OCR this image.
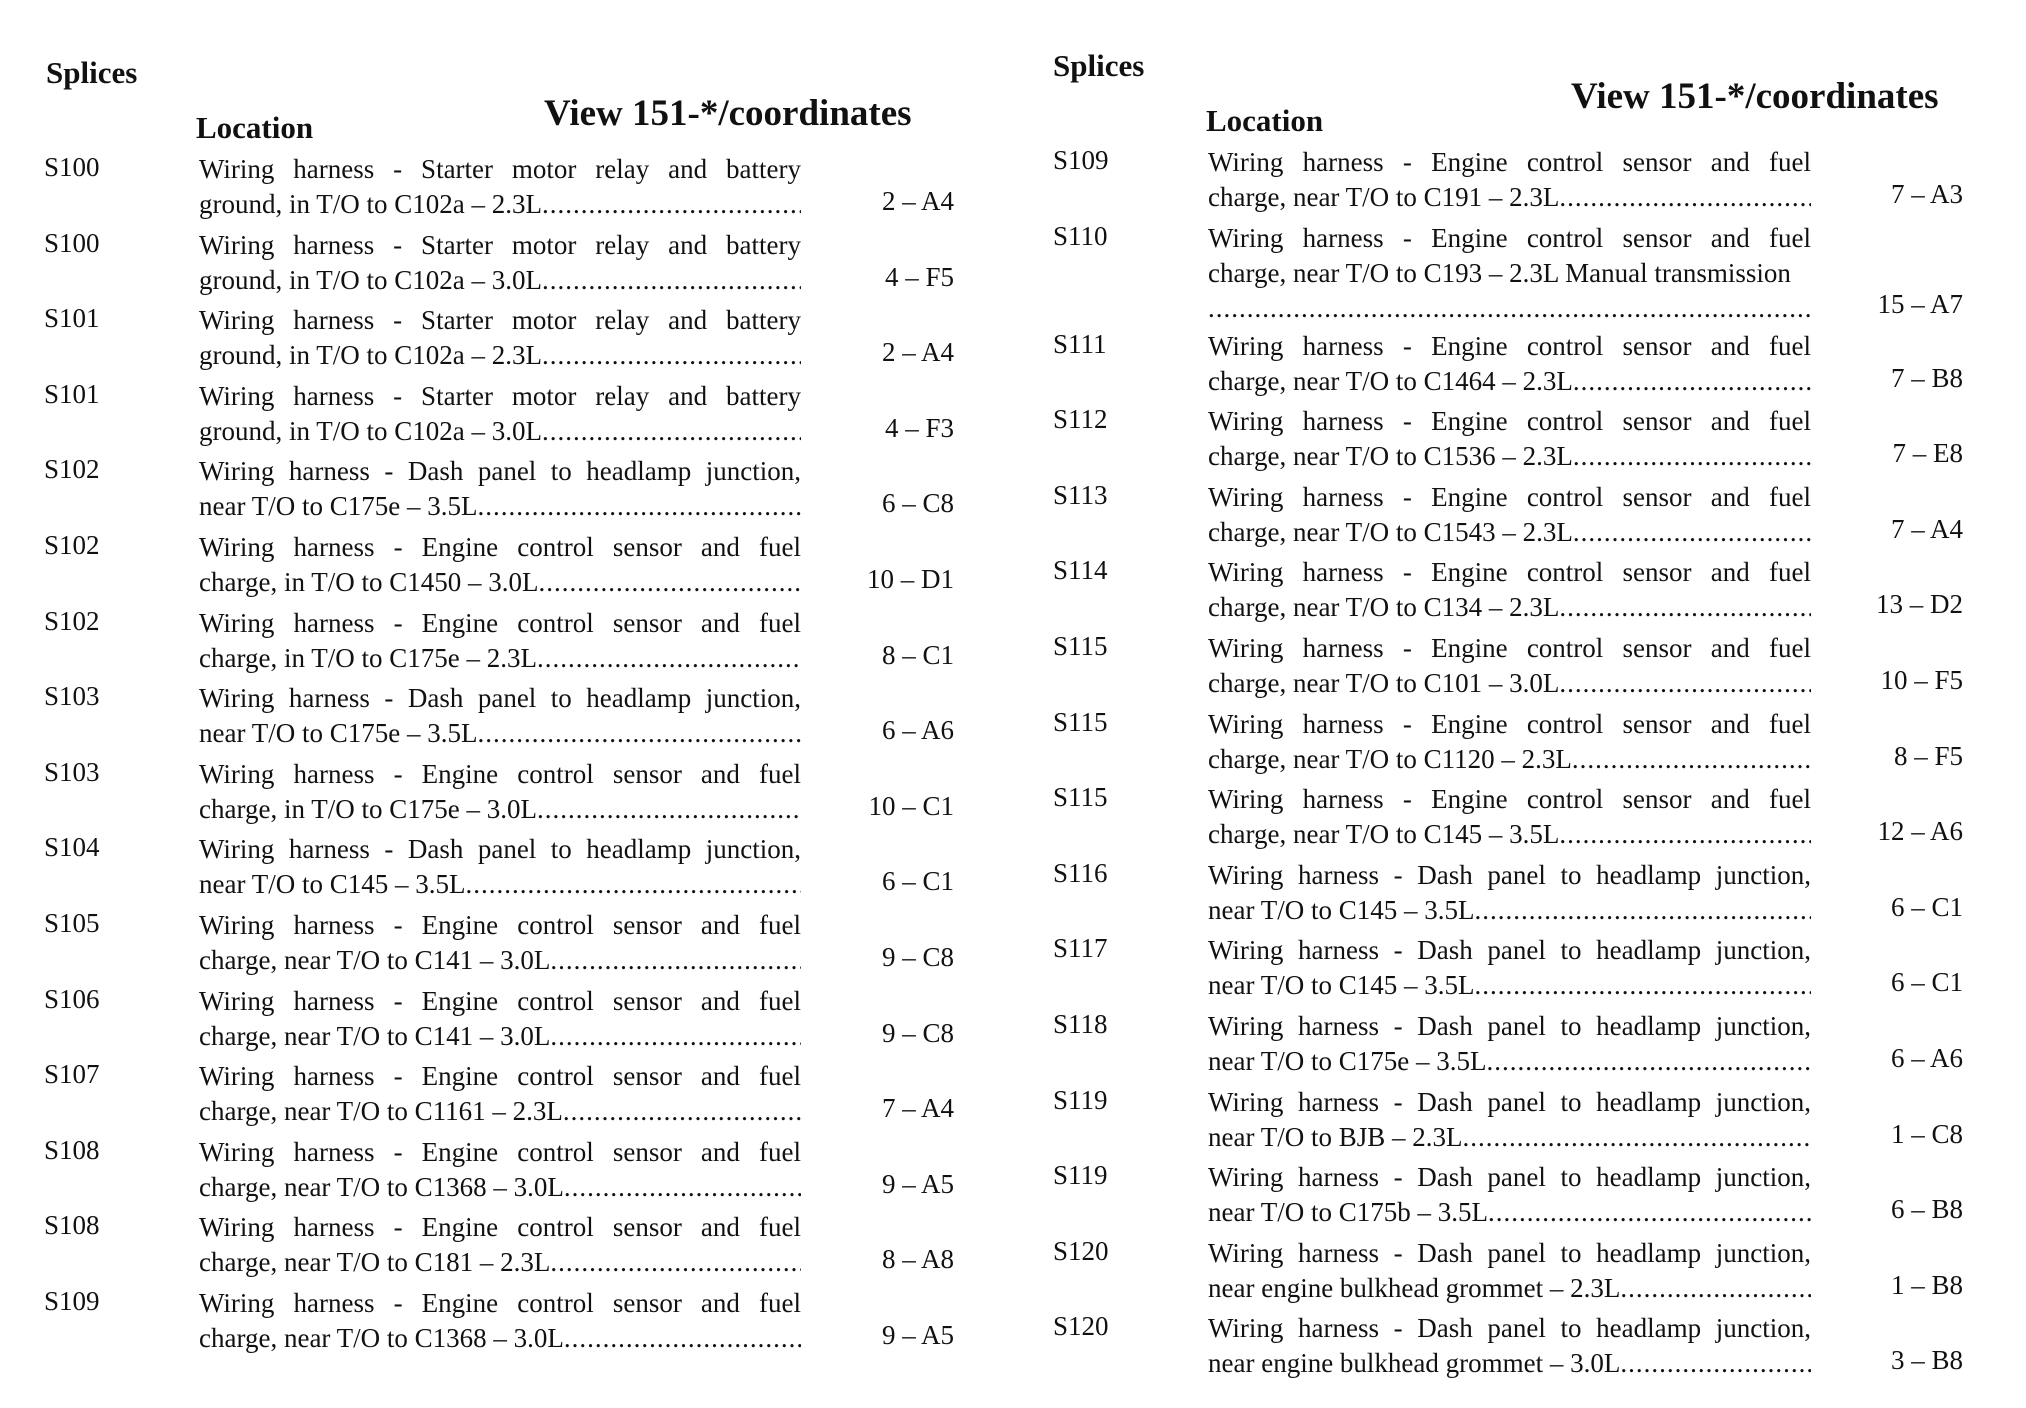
Splices
Location	View 151-*/coordinates
S100	Wiring harness - Starter motor relay and battery
ground, in T/O to C102a – 2.3L .....	2 – A4
S100	Wiring harness - Starter motor relay and battery
ground, in T/O to C102a – 3.0L .....	4 – F5
S101	Wiring harness - Starter motor relay and battery
ground, in T/O to C102a – 2.3L .....	2 – A4
S101	Wiring harness - Starter motor relay and battery
ground, in T/O to C102a – 3.0L .....	4 – F3
S102	Wiring harness - Dash panel to headlamp junction,
near T/O to C175e – 3.5L .....	6 – C8
S102	Wiring harness - Engine control sensor and fuel
charge, in T/O to C1450 – 3.0L .....	10 – D1
S102	Wiring harness - Engine control sensor and fuel
charge, in T/O to C175e – 2.3L .....	8 – C1
S103	Wiring harness - Dash panel to headlamp junction,
near T/O to C175e – 3.5L .....	6 – A6
S103	Wiring harness - Engine control sensor and fuel
charge, in T/O to C175e – 3.0L .....	10 – C1
S104	Wiring harness - Dash panel to headlamp junction,
near T/O to C145 – 3.5L .....	6 – C1
S105	Wiring harness - Engine control sensor and fuel
charge, near T/O to C141 – 3.0L .....	9 – C8
S106	Wiring harness - Engine control sensor and fuel
charge, near T/O to C141 – 3.0L .....	9 – C8
S107	Wiring harness - Engine control sensor and fuel
charge, near T/O to C1161 – 2.3L .....	7 – A4
S108	Wiring harness - Engine control sensor and fuel
charge, near T/O to C1368 – 3.0L .....	9 – A5
S108	Wiring harness - Engine control sensor and fuel
charge, near T/O to C181 – 2.3L .....	8 – A8
S109	Wiring harness - Engine control sensor and fuel
charge, near T/O to C1368 – 3.0L .....	9 – A5
Splices
Location
View 151-*/coordinates
S109	Wiring harness - Engine control sensor and fuel
charge, near T/O to C191 – 2.3L .....	7 – A3
S110	Wiring harness - Engine control sensor and fuel
charge, near T/O to C193 – 2.3L Manual transmission
.....
15 – A7
S111	Wiring harness - Engine control sensor and fuel
charge, near T/O to C1464 – 2.3L .....	7 – B8
S112	Wiring harness - Engine control sensor and fuel
charge, near T/O to C1536 – 2.3L .....	7 – E8
S113	Wiring harness - Engine control sensor and fuel
charge, near T/O to C1543 – 2.3L .....	7 – A4
S114	Wiring harness - Engine control sensor and fuel
charge, near T/O to C134 – 2.3L .....	13 – D2
S115	Wiring harness - Engine control sensor and fuel
charge, near T/O to C101 – 3.0L .....	10 – F5
S115	Wiring harness - Engine control sensor and fuel
charge, near T/O to C1120 – 2.3L .....	8 – F5
S115	Wiring harness - Engine control sensor and fuel
charge, near T/O to C145 – 3.5L .....	12 – A6
S116	Wiring harness - Dash panel to headlamp junction,
near T/O to C145 – 3.5L .....	6 – C1
S117	Wiring harness - Dash panel to headlamp junction,
near T/O to C145 – 3.5L .....	6 – C1
S118	Wiring harness - Dash panel to headlamp junction,
near T/O to C175e – 3.5L .....	6 – A6
S119	Wiring harness - Dash panel to headlamp junction,
near T/O to BJB – 2.3L .....	1 – C8
S119	Wiring harness - Dash panel to headlamp junction,
near T/O to C175b – 3.5L .....	6 – B8
S120	Wiring harness - Dash panel to headlamp junction,
near engine bulkhead grommet – 2.3L .....	1 – B8
S120	Wiring harness - Dash panel to headlamp junction,
near engine bulkhead grommet – 3.0L .....	3 – B8
